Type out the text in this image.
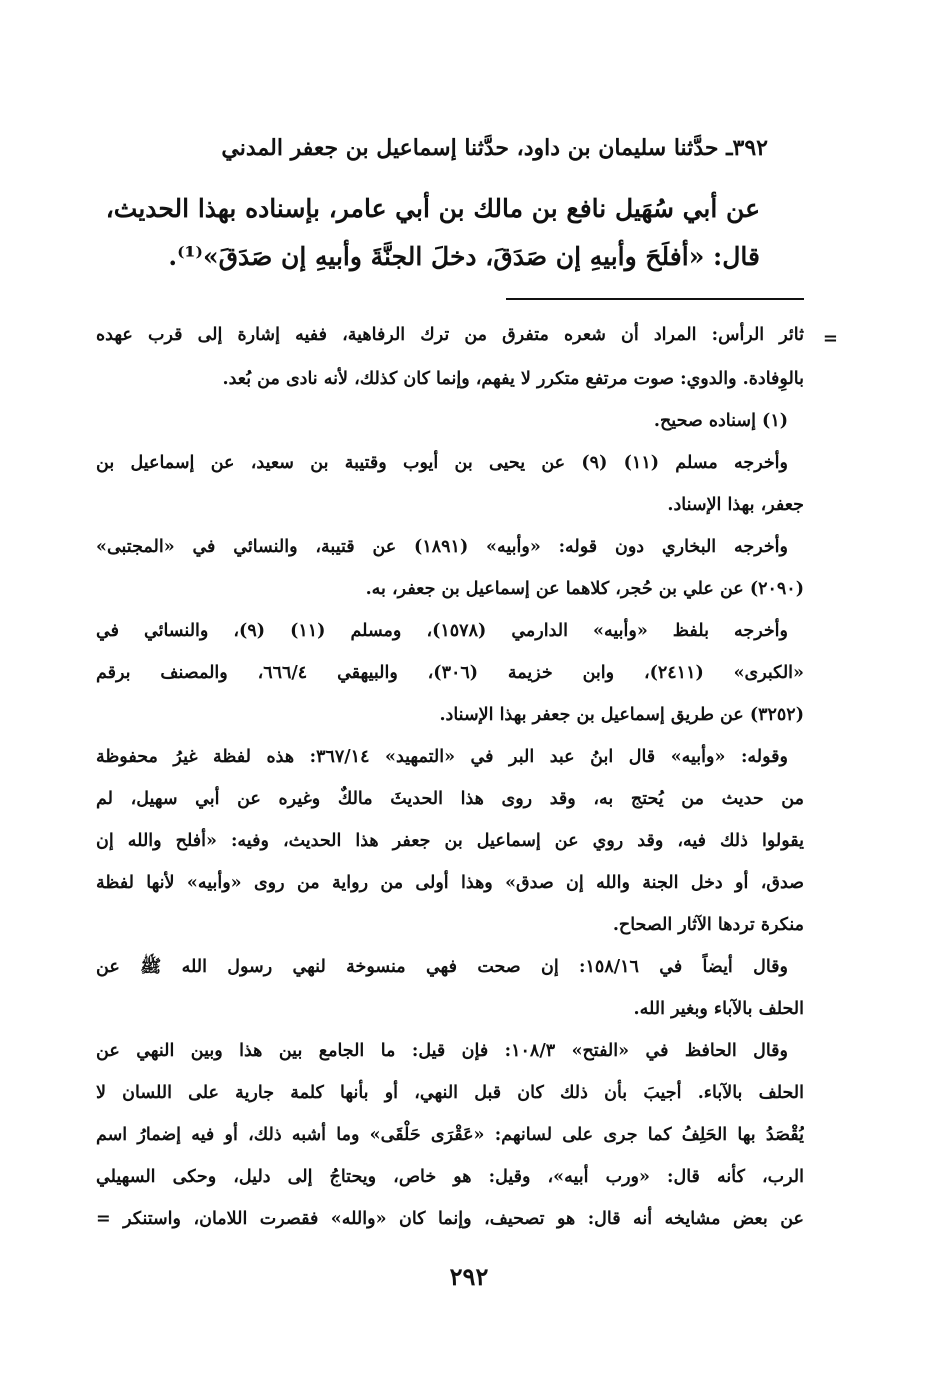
٣٩٢ـ حدَّثنا سليمان بن داود، حدَّثنا إسماعيل بن جعفر المدني
عن أبي سُهَيل نافع بن مالك بن أبي عامر، بإسناده بهذا الحديث،
قال: «أفلَحَ وأبيهِ إن صَدَقَ، دخلَ الجنَّةَ وأبيهِ إن صَدَقَ»⁽¹⁾.
=
ثائر الرأس: المراد أن شعره متفرق من ترك الرفاهية، ففيه إشارة إلى قرب عهده
بالوِفادة. والدوي: صوت مرتفع متكرر لا يفهم، وإنما كان كذلك، لأنه نادى من بُعد.
(١) إسناده صحيح.
وأخرجه مسلم (١١) (٩) عن يحيى بن أيوب وقتيبة بن سعيد، عن إسماعيل بن
جعفر، بهذا الإسناد.
وأخرجه البخاري دون قوله: «وأبيه» (١٨٩١) عن قتيبة، والنسائي في «المجتبى»
(٢٠٩٠) عن علي بن حُجر، كلاهما عن إسماعيل بن جعفر، به.
وأخرجه بلفظ «وأبيه» الدارمي (١٥٧٨)، ومسلم (١١) (٩)، والنسائي في
«الكبرى» (٢٤١١)، وابن خزيمة (٣٠٦)، والبيهقي ٦٦٦/٤، والمصنف برقم
(٣٢٥٢) عن طريق إسماعيل بن جعفر بهذا الإسناد.
وقوله: «وأبيه» قال ابنُ عبد البر في «التمهيد» ٣٦٧/١٤: هذه لفظة غيرُ محفوظة
من حديث من يُحتج به، وقد روى هذا الحديثَ مالكٌ وغيره عن أبي سهيل، لم
يقولوا ذلك فيه، وقد روي عن إسماعيل بن جعفر هذا الحديث، وفيه: «أفلح والله إن
صدق، أو دخل الجنة والله إن صدق» وهذا أولى من رواية من روى «وأبيه» لأنها لفظة
منكرة تردها الآثار الصحاح.
وقال أيضاً في ١٥٨/١٦: إن صحت فهي منسوخة لنهي رسول الله ﷺ عن
الحلف بالآباء وبغير الله.
وقال الحافظ في «الفتح» ١٠٨/٣: فإن قيل: ما الجامع بين هذا وبين النهي عن
الحلف بالآباء. أجيبَ بأن ذلك كان قبل النهي، أو بأنها كلمة جارية على اللسان لا
يُقْصَدُ بها الحَلِفُ كما جرى على لسانهم: «عَقْرَى حَلْقَى» وما أشبه ذلك، أو فيه إضمارُ اسم
الرب، كأنه قال: «ورب أبيه»، وقيل: هو خاص، ويحتاجُ إلى دليل، وحكى السهيلي
عن بعض مشايخه أنه قال: هو تصحيف، وإنما كان «والله» فقصرت اللامان، واستنكر =
٢٩٢
